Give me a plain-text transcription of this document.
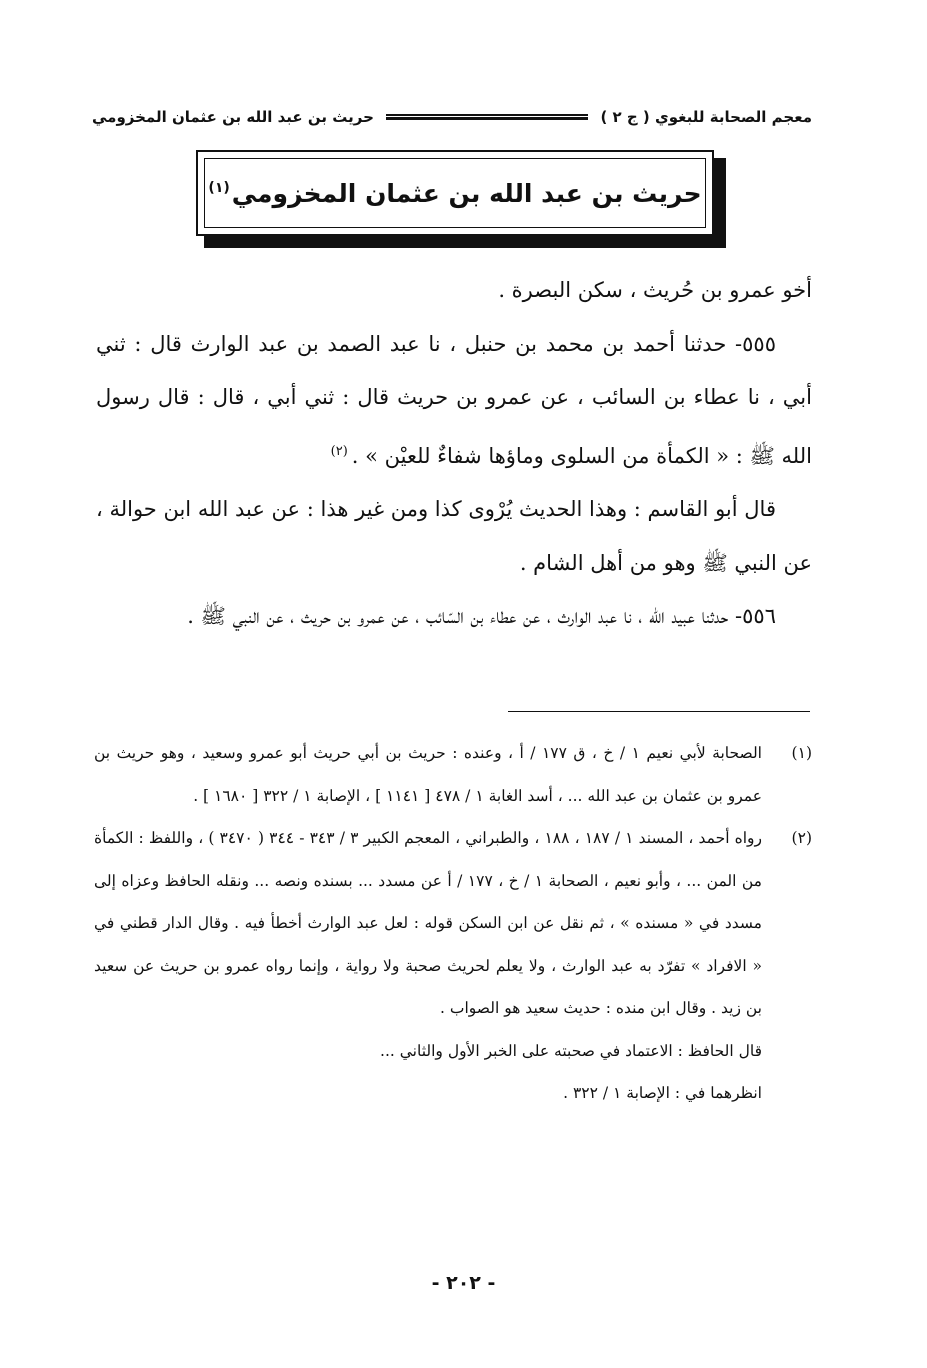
معجم الصحابة للبغوي ( ج ٢ )
حريث بن عبد الله بن عثمان المخزومي
حريث بن عبد الله بن عثمان المخزومي$^{(١)}$

أخو عمرو بن حُريث ، سكن البصرة .

٥٥٥- حدثنا أحمد بن محمد بن حنبل ، نا عبد الصمد بن عبد الوارث قال : ثني أبي ، نا عطاء بن السائب ، عن عمرو بن حريث قال : ثني أبي ، قال : قال رسول الله ﷺ : « الكمأة من السلوى وماؤها شفاءٌ للعيْن » .$^{(٢)}$

قال أبو القاسم : وهذا الحديث يُرْوى كذا ومن غير هذا : عن عبد الله ابن حوالة ، عن النبي ﷺ وهو من أهل الشام .

٥٥٦- حدثنا عبيد الله ، نا عبد الوارث ، عن عطاء بن السّائب ، عن عمرو بن حريث ، عن النبي ﷺ .

(١)

الصحابة لأبي نعيم ١ / خ ، ق ١٧٧ / أ ، وعنده : حريث بن أبي حريث أبو عمرو وسعيد ، وهو حريث بن عمرو بن عثمان بن عبد الله ... ، أسد الغابة ١ / ٤٧٨ [ ١١٤١ ] ، الإصابة ١ / ٣٢٢ [ ١٦٨٠ ] .

(٢)

رواه أحمد ، المسند ١ / ١٨٧ ، ١٨٨ ، والطبراني ، المعجم الكبير ٣ / ٣٤٣ - ٣٤٤ ( ٣٤٧٠ ) ، واللفظ : الكمأة من المن ... ، وأبو نعيم ، الصحابة ١ / خ ، ١٧٧ / أ عن مسدد ... بسنده ونصه ... ونقله الحافظ وعزاه إلى مسدد في « مسنده » ، ثم نقل عن ابن السكن قوله : لعل عبد الوارث أخطأ فيه . وقال الدار قطني في « الافراد » تفرّد به عبد الوارث ، ولا يعلم لحريث صحبة ولا رواية ، وإنما رواه عمرو بن حريث عن سعيد بن زيد . وقال ابن منده : حديث سعيد هو الصواب .

قال الحافظ : الاعتماد في صحبته على الخبر الأول والثاني ...

انظرهما في : الإصابة ١ / ٣٢٢ .

- ٢٠٢ -
